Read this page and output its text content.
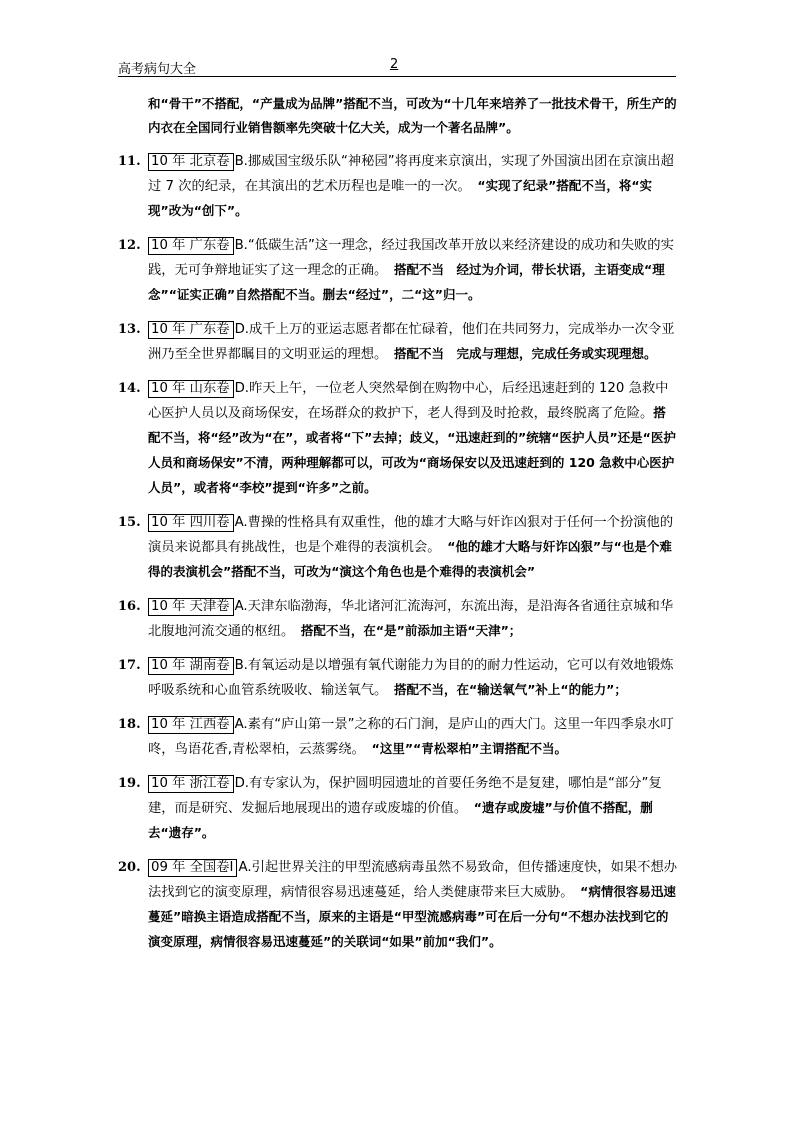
高考病句大全	2
和“骨干”不搭配，“产量成为品牌”搭配不当，可改为“十几年来培养了一批技术骨干，所生产的内衣在全国同行业销售额率先突破十亿大关，成为一个著名品牌”。
11. 10 年 北京卷 B.挪威国宝级乐队“神秘园”将再度来京演出，实现了外国演出团在京演出超过 7 次的纪录，在其演出的艺术历程也是唯一的一次。　 “实现了纪录”搭配不当，将“实现”改为“创下”。
12. 10 年 广东卷 B.“低碳生活”这一理念，经过我国改革开放以来经济建设的成功和失败的实践，无可争辩地证实了这一理念的正确。　 搭配不当　经过为介词，带长状语，主语变成“理念”“证实正确”自然搭配不当。删去“经过”，二“这”归一。
13. 10 年 广东卷 D.成千上万的亚运志愿者都在忙碌着，他们在共同努力，完成举办一次令亚洲乃至全世界都瞩目的文明亚运的理想。　 搭配不当　完成与理想，完成任务或实现理想。
14. 10 年 山东卷 D.昨天上午，一位老人突然晕倒在购物中心，后经迅速赶到的 120 急救中心医护人员以及商场保安，在场群众的救护下，老人得到及时抢救，最终脱离了危险。搭配不当，将“经”改为“在”，或者将“下”去掉；歧义，“迅速赶到的”统辖“医护人员”还是“医护人员和商场保安”不清，两种理解都可以，可改为“商场保安以及迅速赶到的 120 急救中心医护人员”，或者将“李校”提到“许多”之前。
15. 10 年 四川卷 A.曹操的性格具有双重性，他的雄才大略与奸诈凶狠对于任何一个扮演他的演员来说都具有挑战性，也是个难得的表演机会。　 “他的雄才大略与奸诈凶狠”与“也是个难得的表演机会”搭配不当，可改为“演这个角色也是个难得的表演机会”
16. 10 年 天津卷 A.天津东临渤海，华北诸河汇流海河，东流出海，是沿海各省通往京城和华北腹地河流交通的枢纽。　 搭配不当，在“是”前添加主语“天津”；
17. 10 年 湖南卷 B.有氧运动是以增强有氧代谢能力为目的的耐力性运动，它可以有效地锻炼呼吸系统和心血管系统吸收、输送氧气。　 搭配不当，在“输送氧气”补上“的能力”；
18. 10 年 江西卷 A.素有“庐山第一景”之称的石门涧，是庐山的西大门。这里一年四季泉水叮咚，鸟语花香,青松翠柏，云蒸雾绕。　 “这里”“青松翠柏”主谓搭配不当。
19. 10 年 浙江卷 D.有专家认为，保护圆明园遗址的首要任务绝不是复建，哪怕是“部分”复建，而是研究、发掘后地展现出的遗存或废墟的价值。　 “遗存或废墟”与价值不搭配，删去“遗存”。
20. 09 年 全国卷Ⅰ A.引起世界关注的甲型流感病毒虽然不易致命，但传播速度快，如果不想办法找到它的演变原理，病情很容易迅速蔓延，给人类健康带来巨大威胁。　 “病情很容易迅速蔓延”暗换主语造成搭配不当，原来的主语是“甲型流感病毒”可在后一分句“不想办法找到它的演变原理，病情很容易迅速蔓延”的关联词“如果”前加“我们”。
